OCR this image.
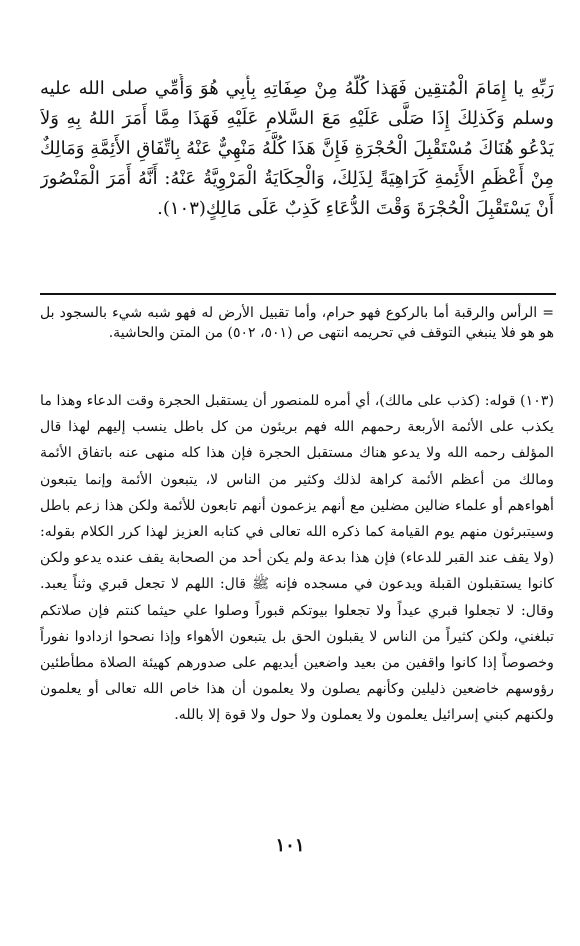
رَبِّهِ يا إِمَامَ الْمُتقِين فَهَذا كُلُّهُ مِنْ صِفَاتِهِ بِأَبِي هُوَ وَأُمِّي صلى الله عليه وسلم وَكَذلِكَ إِذَا صَلَّى عَلَيْهِ مَعَ السَّلامِ عَلَيْهِ فَهَذَا مِمَّا أَمَرَ اللهُ بِهِ وَلاَ يَدْعُو هُنَاكَ مُسْتَقْبِلَ الْحُجْرَةِ فَإِنَّ هَذَا كُلَّهُ مَنْهِيٌّ عَنْهُ بِاتِّفَاقِ الأَئِمَّةِ وَمَالِكٌ مِنْ أَعْظَمِ الأَئِمةِ كَرَاهِيَةً لِذَلِكَ، وَالْحِكَايَةُ الْمَرْوِيَّةُ عَنْهُ: أَنَّهُ أَمَرَ الْمَنْصُورَ أَنْ يَسْتَقْبِلَ الْحُجْرَةَ وَقْتَ الدُّعَاءِ كَذِبٌ عَلَى مَالِكٍ(١٠٣).

= الرأس والرقبة أما بالركوع فهو حرام، وأما تقبيل الأرض له فهو شبه شيء بالسجود بل هو هو فلا ينبغي التوقف في تحريمه انتهى ص (٥٠١، ٥٠٢) من المتن والحاشية.

(١٠٣) قوله: (كذب على مالك)، أي أمره للمنصور أن يستقبل الحجرة وقت الدعاء وهذا ما يكذب على الأئمة الأربعة رحمهم الله فهم بريئون من كل باطل ينسب إليهم لهذا قال المؤلف رحمه الله ولا يدعو هناك مستقبل الحجرة فإن هذا كله منهى عنه باتفاق الأئمة ومالك من أعظم الأئمة كراهة لذلك وكثير من الناس لا، يتبعون الأئمة وإنما يتبعون أهواءهم أو علماء ضالين مضلين مع أنهم يزعمون أنهم تابعون للأئمة ولكن هذا زعم باطل وسيتبرئون منهم يوم القيامة كما ذكره الله تعالى في كتابه العزيز لهذا كرر الكلام بقوله: (ولا يقف عند القبر للدعاء) فإن هذا بدعة ولم يكن أحد من الصحابة يقف عنده يدعو ولكن كانوا يستقبلون القبلة ويدعون في مسجده فإنه ﷺ قال: اللهم لا تجعل قبري وثناً يعبد. وقال: لا تجعلوا قبري عيداً ولا تجعلوا بيوتكم قبوراً وصلوا علي حيثما كنتم فإن صلاتكم تبلغني، ولكن كثيراً من الناس لا يقبلون الحق بل يتبعون الأهواء وإذا نصحوا ازدادوا نفوراً وخصوصاً إذا كانوا واقفين من بعيد واضعين أيديهم على صدورهم كهيئة الصلاة مطأطئين رؤوسهم خاضعين ذليلين وكأنهم يصلون ولا يعلمون أن هذا خاص الله تعالى أو يعلمون ولكنهم كبني إسرائيل يعلمون ولا يعملون ولا حول ولا قوة إلا بالله.

١٠١
